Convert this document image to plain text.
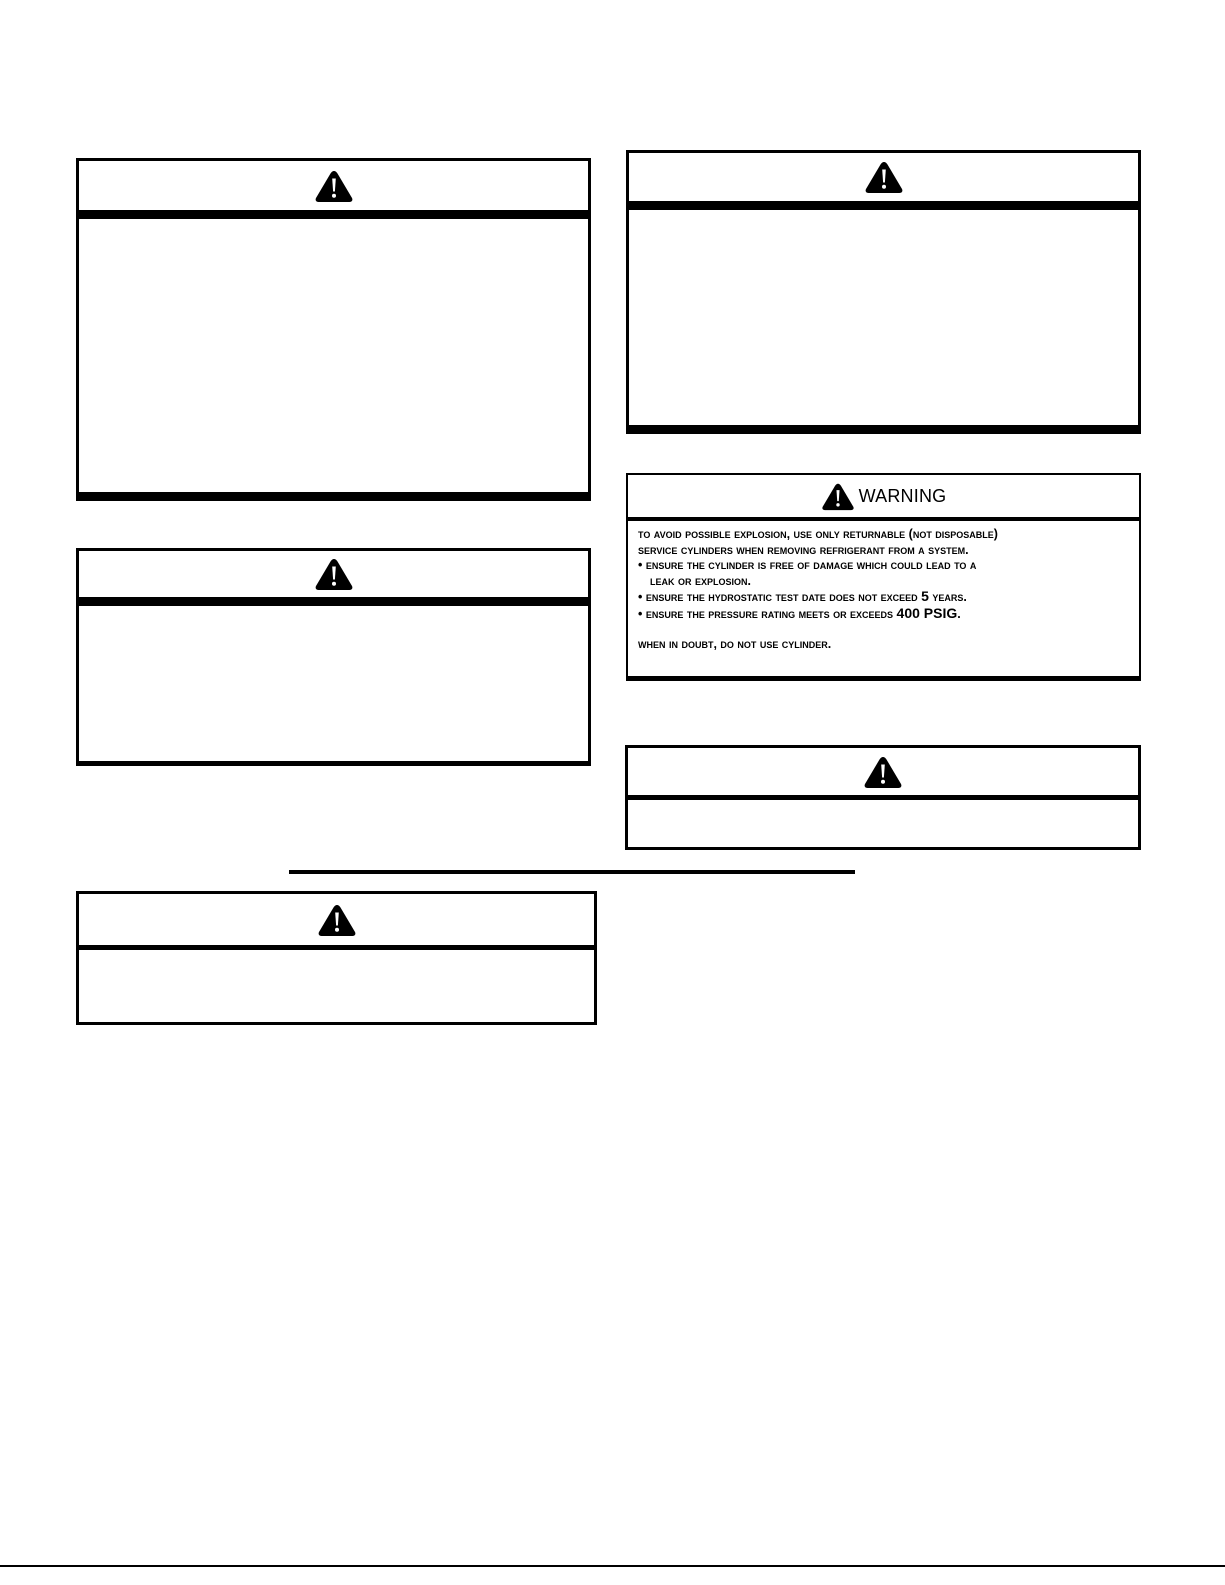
WARNING

to avoid possible explosion, use only returnable (not disposable)

service cylinders when removing refrigerant from a system.

• ensure the cylinder is free of damage which could lead to a

leak or explosion.

• ensure the hydrostatic test date does not exceed 5 years.

• ensure the pressure rating meets or exceeds 400 PSIG.

when in doubt, do not use cylinder.
